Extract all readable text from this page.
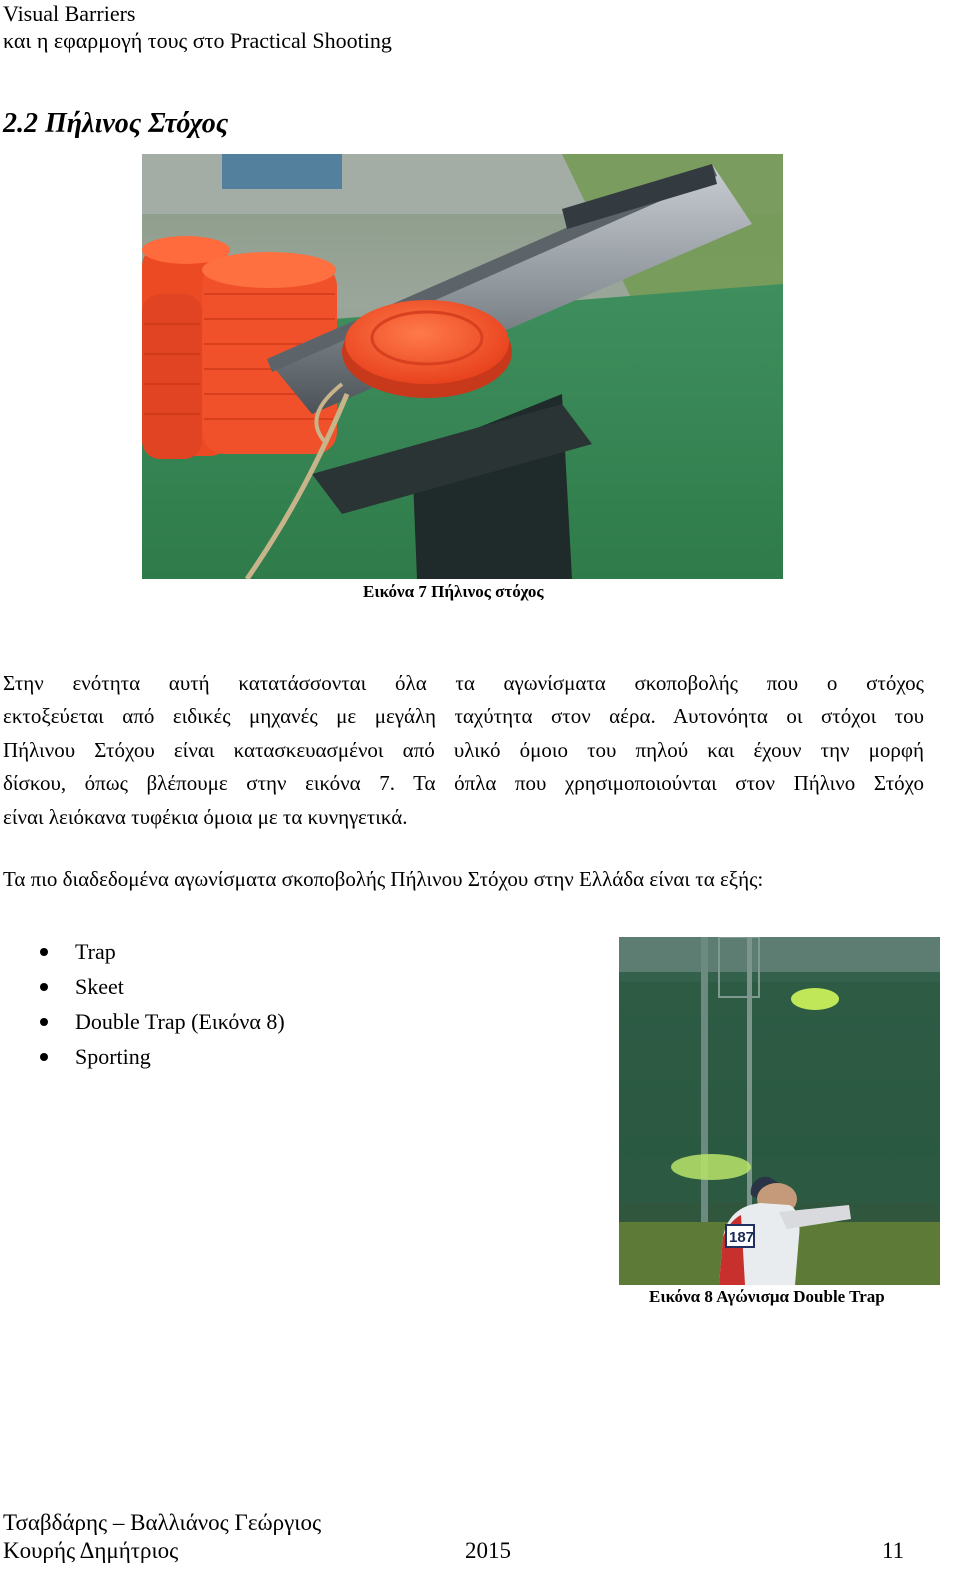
Visual Barriers
και η εφαρμογή τους στο Practical Shooting
2.2 Πήλινος Στόχος
Εικόνα 7 Πήλινος στόχος
Στην ενότητα αυτή κατατάσσονται όλα τα αγωνίσματα σκοποβολής που ο στόχος
εκτοξεύεται από ειδικές μηχανές με μεγάλη ταχύτητα στον αέρα. Αυτονόητα οι στόχοι του
Πήλινου Στόχου είναι κατασκευασμένοι από υλικό όμοιο του πηλού και έχουν την μορφή
δίσκου, όπως βλέπουμε στην εικόνα 7. Τα όπλα που χρησιμοποιούνται στον Πήλινο Στόχο
είναι λειόκανα τυφέκια όμοια με τα κυνηγετικά.
Τα πιο διαδεδομένα αγωνίσματα σκοποβολής Πήλινου Στόχου στην Ελλάδα είναι τα εξής:
Trap
Skeet
Double Trap (Εικόνα 8)
Sporting
187
Εικόνα 8 Αγώνισμα Double Trap
Τσαβδάρης – Βαλλιάνος Γεώργιος
Κουρής Δημήτριος	2015	11
